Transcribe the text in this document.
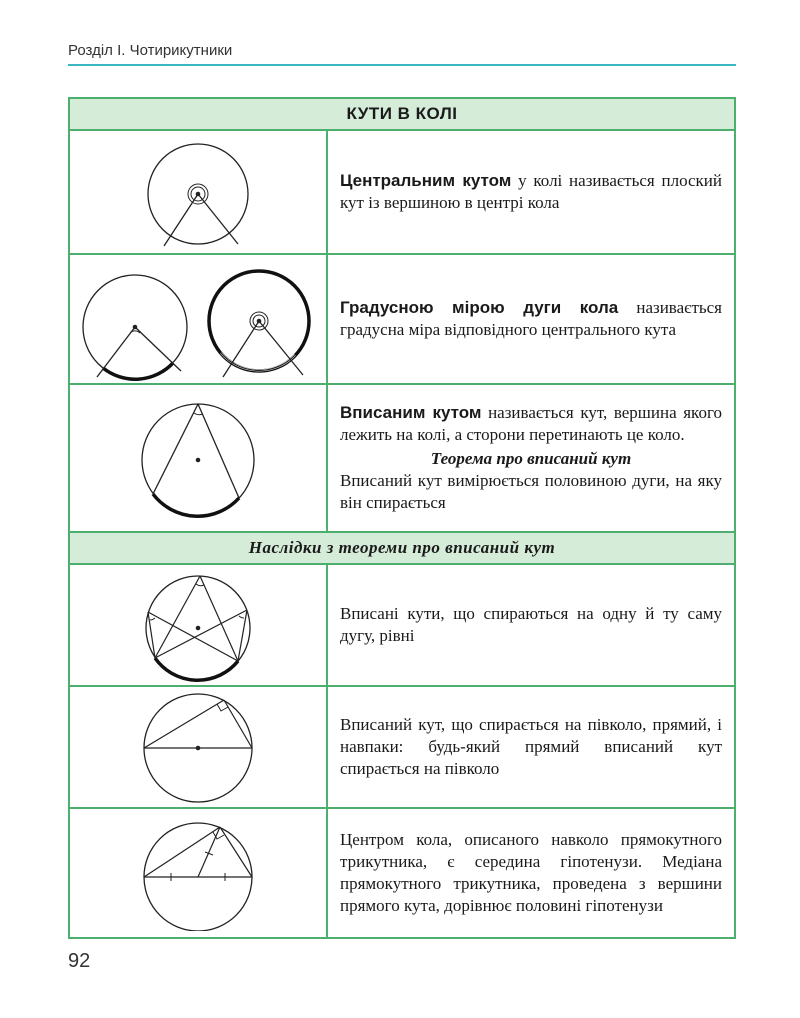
Розділ I. Чотирикутники
КУТИ В КОЛІ
Центральним кутом у колі називається плоский кут із вершиною в центрі кола
Градусною мірою дуги кола називається градусна міра відповідного центрального кута
Вписаним кутом називається кут, вершина якого лежить на колі, а сторони перетинають це коло.
Теорема про вписаний кут
Вписаний кут вимірюється половиною дуги, на яку він спирається
Наслідки з теореми про вписаний кут
Вписані кути, що спираються на одну й ту саму дугу, рівні
Вписаний кут, що спирається на півколо, прямий, і навпаки: будь-який прямий вписаний кут спирається на півколо
Центром кола, описаного навколо прямокутного трикутника, є середина гіпотенузи. Медіана прямокутного трикутника, проведена з вершини прямого кута, дорівнює половині гіпотенузи
92
